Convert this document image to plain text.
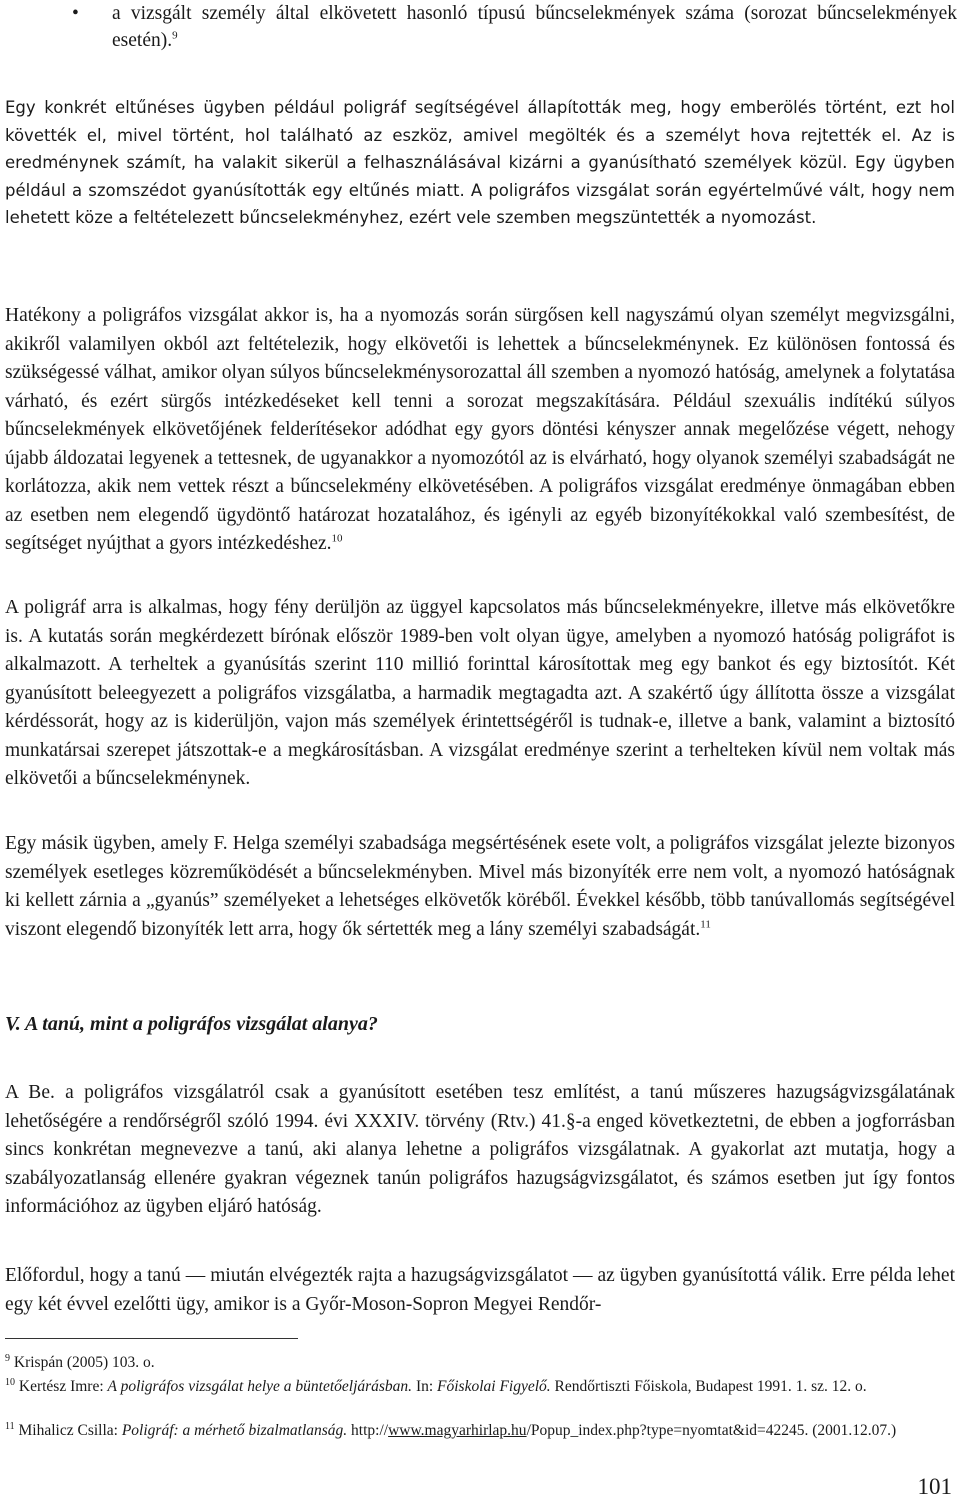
•	a vizsgált személy által elkövetett hasonló típusú bűncselekmények száma (sorozat bűncselekmények esetén).$^9$

Egy konkrét eltűnéses ügyben például poligráf segítségével állapították meg, hogy emberölés történt, ezt hol követték el, mivel történt, hol található az eszköz, amivel megölték és a személyt hova rejtették el. Az is eredménynek számít, ha valakit sikerül a felhasználásával kizárni a gyanúsítható személyek közül. Egy ügyben például a szomszédot gyanúsították egy eltűnés miatt. A poligráfos vizsgálat során egyértelművé vált, hogy nem lehetett köze a feltételezett bűncselekményhez, ezért vele szemben megszüntették a nyomozást.

Hatékony a poligráfos vizsgálat akkor is, ha a nyomozás során sürgősen kell nagyszámú olyan személyt megvizsgálni, akikről valamilyen okból azt feltételezik, hogy elkövetői is lehettek a bűncselekménynek. Ez különösen fontossá és szükségessé válhat, amikor olyan súlyos bűncselekménysorozattal áll szemben a nyomozó hatóság, amelynek a folytatása várható, és ezért sürgős intézkedéseket kell tenni a sorozat megszakítására. Például szexuális indítékú súlyos bűncselekmények elkövetőjének felderítésekor adódhat egy gyors döntési kényszer annak megelőzése végett, nehogy újabb áldozatai legyenek a tettesnek, de ugyanakkor a nyomozótól az is elvárható, hogy olyanok személyi szabadságát ne korlátozza, akik nem vettek részt a bűncselekmény elkövetésében. A poligráfos vizsgálat eredménye önmagában ebben az esetben nem elegendő ügydöntő határozat hozatalához, és igényli az egyéb bizonyítékokkal való szembesítést, de segítséget nyújthat a gyors intézkedéshez.$^{10}$

A poligráf arra is alkalmas, hogy fény derüljön az üggyel kapcsolatos más bűncselekményekre, illetve más elkövetőkre is. A kutatás során megkérdezett bírónak először 1989-ben volt olyan ügye, amelyben a nyomozó hatóság poligráfot is alkalmazott. A terheltek a gyanúsítás szerint 110 millió forinttal károsítottak meg egy bankot és egy biztosítót. Két gyanúsított beleegyezett a poligráfos vizsgálatba, a harmadik megtagadta azt. A szakértő úgy állította össze a vizsgálat kérdéssorát, hogy az is kiderüljön, vajon más személyek érintettségéről is tudnak-e, illetve a bank, valamint a biztosító munkatársai szerepet játszottak-e a megkárosításban. A vizsgálat eredménye szerint a terhelteken kívül nem voltak más elkövetői a bűncselekménynek.

Egy másik ügyben, amely F. Helga személyi szabadsága megsértésének esete volt, a poligráfos vizsgálat jelezte bizonyos személyek esetleges közreműködését a bűncselekményben. Mivel más bizonyíték erre nem volt, a nyomozó hatóságnak ki kellett zárnia a „gyanús” személyeket a lehetséges elkövetők köréből. Évekkel később, több tanúvallomás segítségével viszont elegendő bizonyíték lett arra, hogy ők sértették meg a lány személyi szabadságát.$^{11}$

V. A tanú, mint a poligráfos vizsgálat alanya?

A Be. a poligráfos vizsgálatról csak a gyanúsított esetében tesz említést, a tanú műszeres hazugságvizsgálatának lehetőségére a rendőrségről szóló 1994. évi XXXIV. törvény (Rtv.) 41.§-a enged következtetni, de ebben a jogforrásban sincs konkrétan megnevezve a tanú, aki alanya lehetne a poligráfos vizsgálatnak. A gyakorlat azt mutatja, hogy a szabályozatlanság ellenére gyakran végeznek tanún poligráfos hazugságvizsgálatot, és számos esetben jut így fontos információhoz az ügyben eljáró hatóság.

Előfordul, hogy a tanú — miután elvégezték rajta a hazugságvizsgálatot — az ügyben gyanúsítottá válik. Erre példa lehet egy két évvel ezelőtti ügy, amikor is a Győr-Moson-Sopron Megyei Rendőr-

$^9$ Krispán (2005) 103. o.

$^{10}$ Kertész Imre: A poligráfos vizsgálat helye a büntetőeljárásban. In: Főiskolai Figyelő. Rendőrtiszti Főiskola, Budapest 1991. 1. sz. 12. o.

$^{11}$ Mihalicz Csilla: Poligráf: a mérhető bizalmatlanság. http://www.magyarhirlap.hu/Popup_index.php?type=nyomtat&id=42245. (2001.12.07.)

101
